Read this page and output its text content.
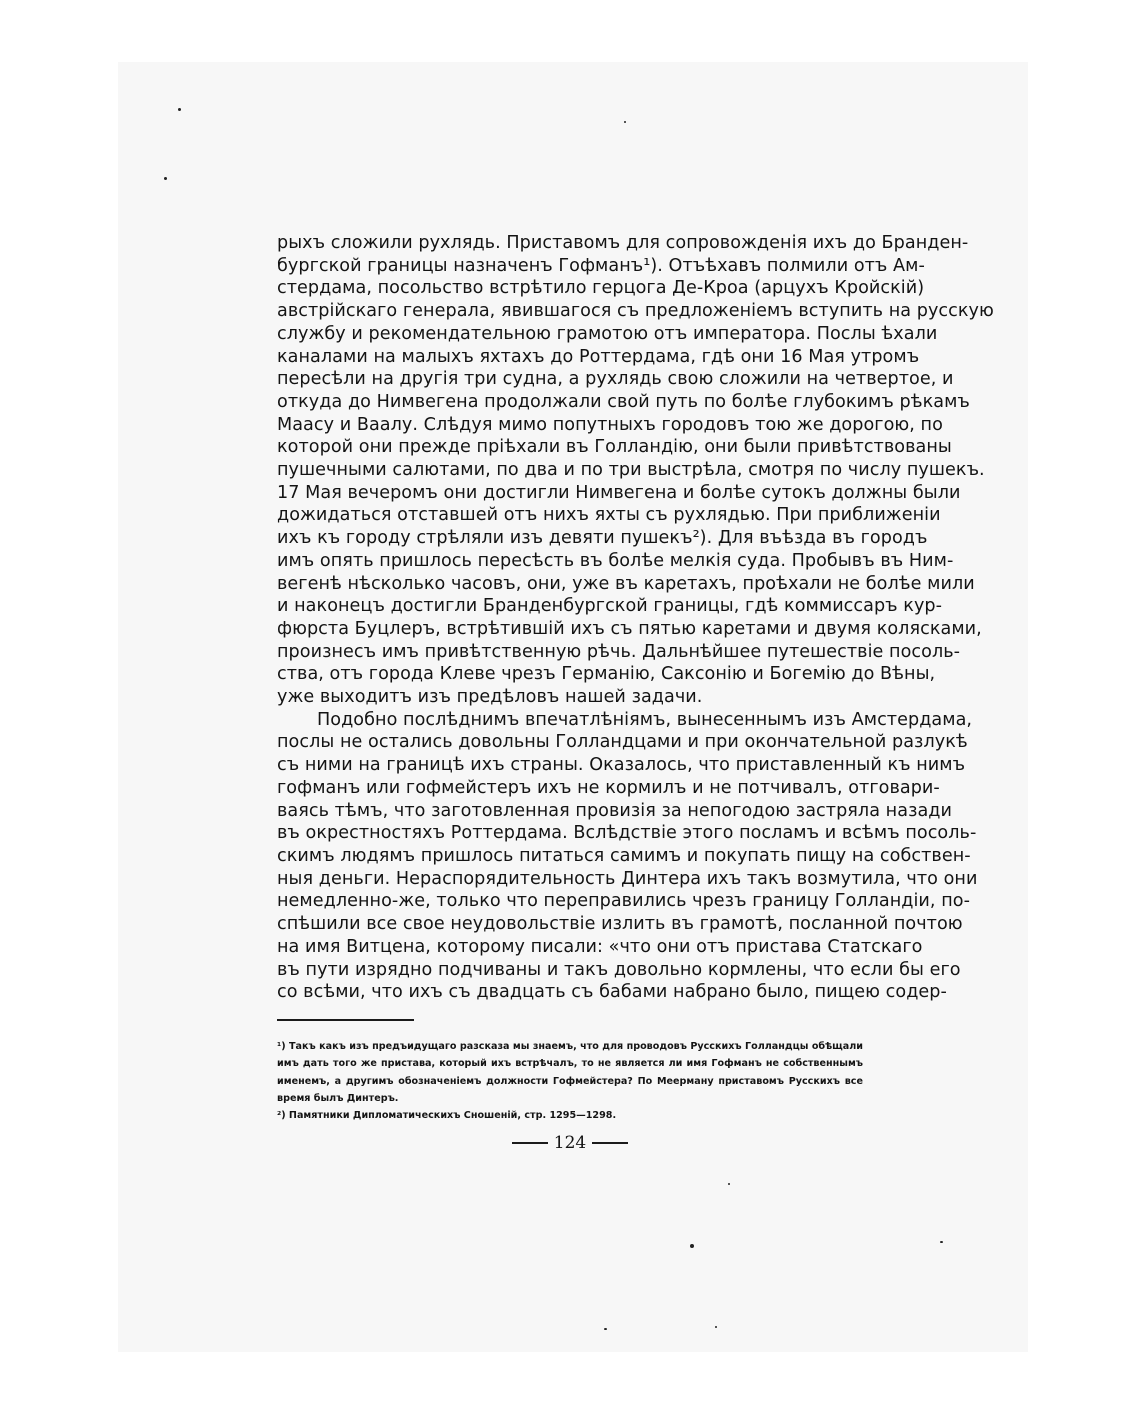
рыхъ сложили рухлядь. Приставомъ для сопровожденія ихъ до Бранден-
бургской границы назначенъ Гофманъ¹). Отъѣхавъ полмили отъ Ам-
стердама, посольство встрѣтило герцога Де-Кроа (арцухъ Кройскій)
австрійскаго генерала, явившагося съ предложеніемъ вступить на русскую
службу и рекомендательною грамотою отъ императора. Послы ѣхали
каналами на малыхъ яхтахъ до Роттердама, гдѣ они 16 Мая утромъ
пересѣли на другія три судна, а рухлядь свою сложили на четвертое, и
откуда до Нимвегена продолжали свой путь по болѣе глубокимъ рѣкамъ
Маасу и Ваалу. Слѣдуя мимо попутныхъ городовъ тою же дорогою, по
которой они прежде пріѣхали въ Голландію, они были привѣтствованы
пушечными салютами, по два и по три выстрѣла, смотря по числу пушекъ.
17 Мая вечеромъ они достигли Нимвегена и болѣе сутокъ должны были
дожидаться отставшей отъ нихъ яхты съ рухлядью. При приближеніи
ихъ къ городу стрѣляли изъ девяти пушекъ²). Для въѣзда въ городъ
имъ опять пришлось пересѣсть въ болѣе мелкія суда. Пробывъ въ Ним-
вегенѣ нѣсколько часовъ, они, уже въ каретахъ, проѣхали не болѣе мили
и наконецъ достигли Бранденбургской границы, гдѣ коммиссаръ кур-
фюрста Буцлеръ, встрѣтившій ихъ съ пятью каретами и двумя колясками,
произнесъ имъ привѣтственную рѣчь. Дальнѣйшее путешествіе посоль-
ства, отъ города Клеве чрезъ Германію, Саксонію и Богемію до Вѣны,
уже выходитъ изъ предѣловъ нашей задачи.
Подобно послѣднимъ впечатлѣніямъ, вынесеннымъ изъ Амстердама,
послы не остались довольны Голландцами и при окончательной разлукѣ
съ ними на границѣ ихъ страны. Оказалось, что приставленный къ нимъ
гофманъ или гофмейстеръ ихъ не кормилъ и не потчивалъ, отговари-
ваясь тѣмъ, что заготовленная провизія за непогодою застряла назади
въ окрестностяхъ Роттердама. Вслѣдствіе этого посламъ и всѣмъ посоль-
скимъ людямъ пришлось питаться самимъ и покупать пищу на собствен-
ныя деньги. Нераспорядительность Динтера ихъ такъ возмутила, что они
немедленно-же, только что переправились чрезъ границу Голландіи, по-
спѣшили все свое неудовольствіе излить въ грамотѣ, посланной почтою
на имя Витцена, которому писали: «что они отъ пристава Статскаго
въ пути изрядно подчиваны и такъ довольно кормлены, что если бы его
со всѣми, что ихъ съ двадцать съ бабами набрано было, пищею содер-
¹) Такъ какъ изъ предъидущаго разсказа мы знаемъ, что для проводовъ Русскихъ Голландцы обѣщали
имъ дать того же пристава, который ихъ встрѣчалъ, то не является ли имя Гофманъ не собственнымъ
именемъ, а другимъ обозначеніемъ должности Гофмейстера? По Меерману приставомъ Русскихъ все
время былъ Динтеръ.
²) Памятники Дипломатическихъ Сношеній, стр. 1295—1298.
124
